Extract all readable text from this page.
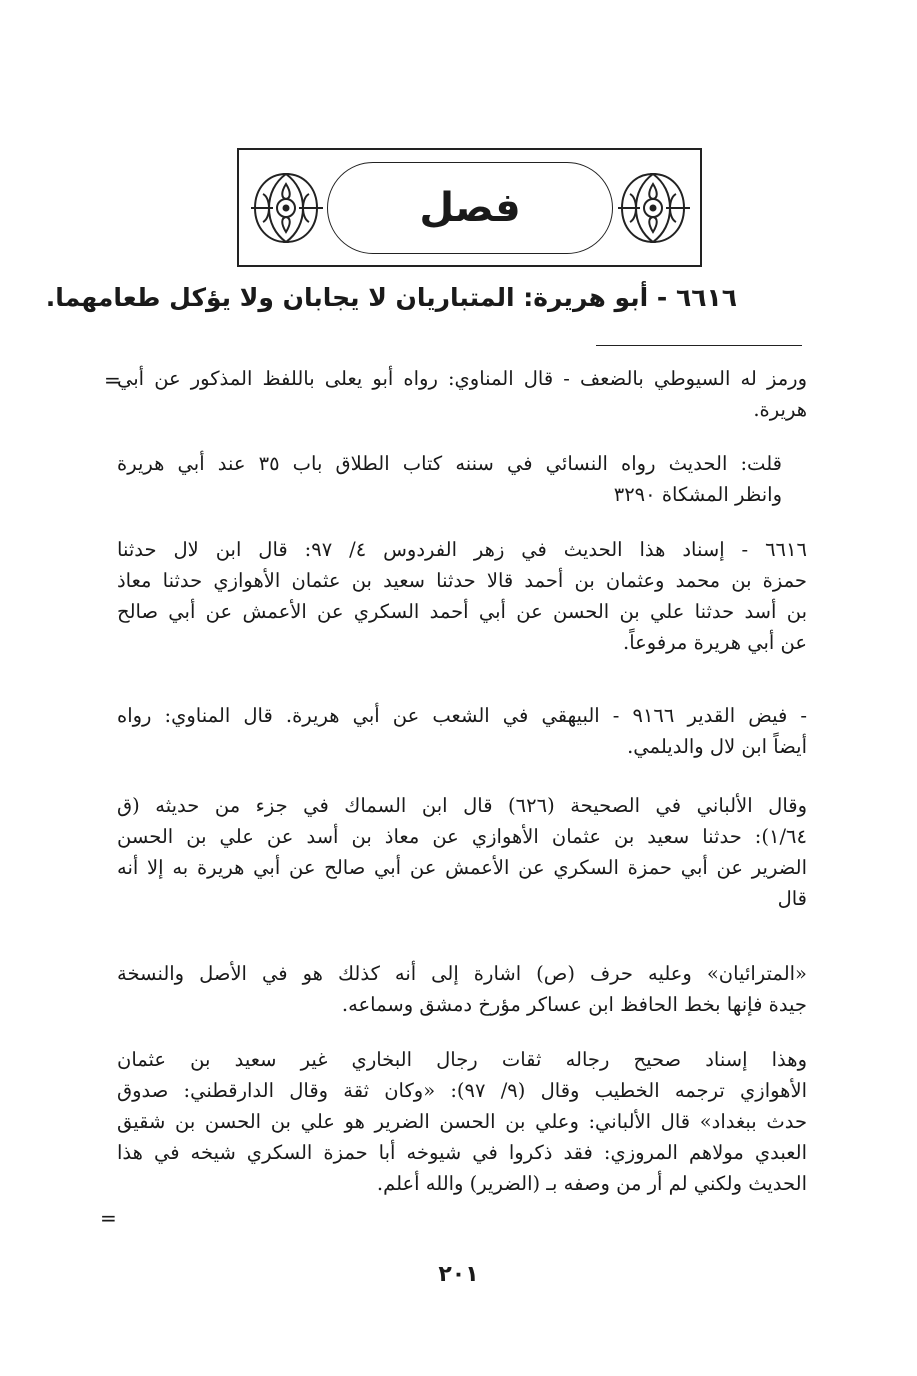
فصل
٦٦١٦ - أبو هريرة: المتباريان لا يجابان ولا يؤكل طعامهما.
=
=
ورمز له السيوطي بالضعف - قال المناوي: رواه أبو يعلى باللفظ المذكور عن أبي
هريرة.
قلت: الحديث رواه النسائي في سننه كتاب الطلاق باب ٣٥ عند أبي هريرة
وانظر المشكاة ٣٢٩٠
٦٦١٦ - إسناد هذا الحديث في زهر الفردوس ٤/ ٩٧: قال ابن لال حدثنا
حمزة بن محمد وعثمان بن أحمد قالا حدثنا سعيد بن عثمان الأهوازي حدثنا معاذ
بن أسد حدثنا علي بن الحسن عن أبي أحمد السكري عن الأعمش عن أبي صالح
عن أبي هريرة مرفوعاً.
- فيض القدير ٩١٦٦ - البيهقي في الشعب عن أبي هريرة. قال المناوي: رواه
أيضاً ابن لال والديلمي.
وقال الألباني في الصحيحة (٦٢٦) قال ابن السماك في جزء من حديثه (ق
١/٦٤): حدثنا سعيد بن عثمان الأهوازي عن معاذ بن أسد عن علي بن الحسن
الضرير عن أبي حمزة السكري عن الأعمش عن أبي صالح عن أبي هريرة به إلا أنه
قال
«المترائيان» وعليه حرف (ص) اشارة إلى أنه كذلك هو في الأصل والنسخة
جيدة فإنها بخط الحافظ ابن عساكر مؤرخ دمشق وسماعه.
وهذا إسناد صحيح رجاله ثقات رجال البخاري غير سعيد بن عثمان
الأهوازي ترجمه الخطيب وقال (٩/ ٩٧): «وكان ثقة وقال الدارقطني: صدوق
حدث ببغداد» قال الألباني: وعلي بن الحسن الضرير هو علي بن الحسن بن شقيق
العبدي مولاهم المروزي: فقد ذكروا في شيوخه أبا حمزة السكري شيخه في هذا
الحديث ولكني لم أر من وصفه بـ (الضرير) والله أعلم.
٢٠١
